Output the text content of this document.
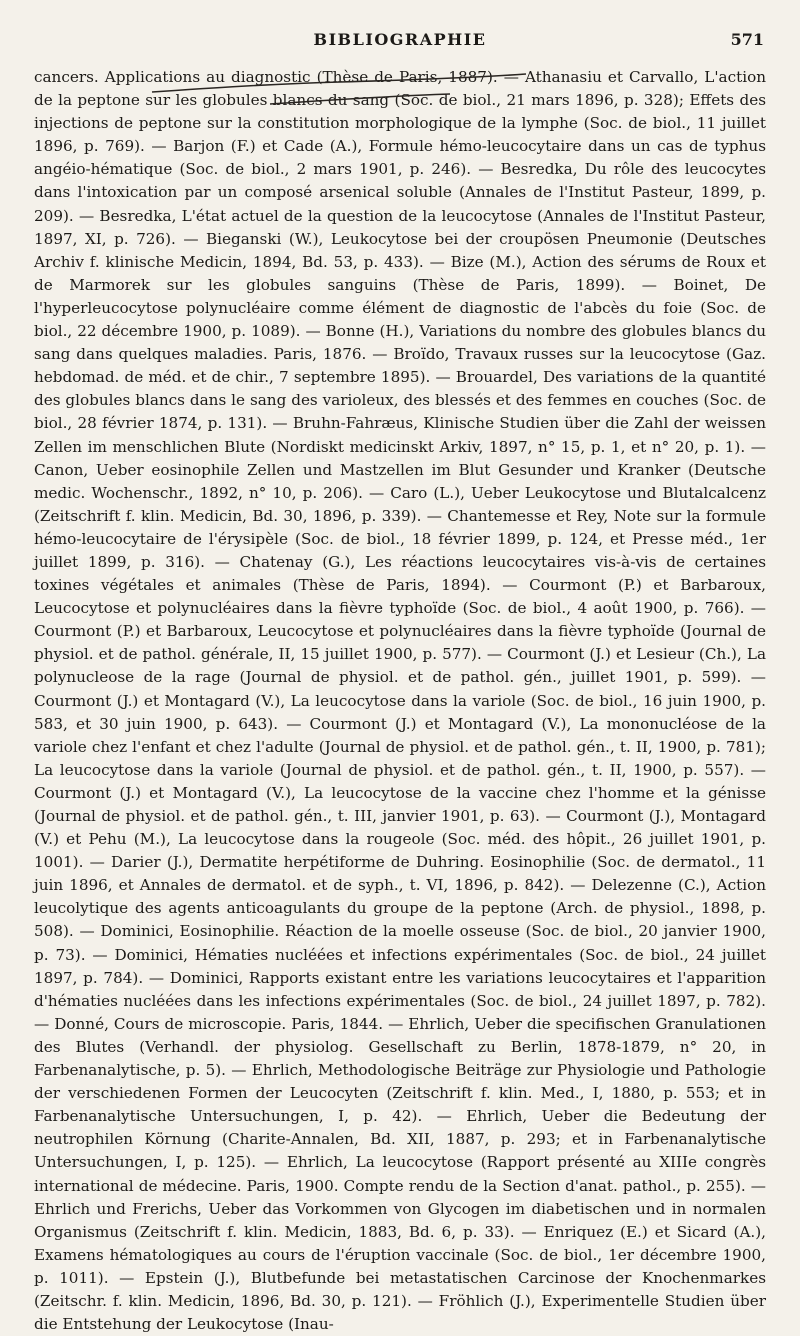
BIBLIOGRAPHIE	571

cancers. Applications au diagnostic (Thèse de Paris, 1887). — Athanasiu et Carvallo, L'action de la peptone sur les globules blancs du sang (Soc. de biol., 21 mars 1896, p. 328); Effets des injections de peptone sur la constitution morphologique de la lymphe (Soc. de biol., 11 juillet 1896, p. 769). — Barjon (F.) et Cade (A.), Formule hémo-leucocytaire dans un cas de typhus angéio-hématique (Soc. de biol., 2 mars 1901, p. 246). — Besredka, Du rôle des leucocytes dans l'intoxication par un composé arsenical soluble (Annales de l'Institut Pasteur, 1899, p. 209). — Besredka, L'état actuel de la question de la leucocytose (Annales de l'Institut Pasteur, 1897, XI, p. 726). — Bieganski (W.), Leukocytose bei der croupösen Pneumonie (Deutsches Archiv f. klinische Medicin, 1894, Bd. 53, p. 433). — Bize (M.), Action des sérums de Roux et de Marmorek sur les globules sanguins (Thèse de Paris, 1899). — Boinet, De l'hyperleucocytose polynucléaire comme élément de diagnostic de l'abcès du foie (Soc. de biol., 22 décembre 1900, p. 1089). — Bonne (H.), Variations du nombre des globules blancs du sang dans quelques maladies. Paris, 1876. — Broïdo, Travaux russes sur la leucocytose (Gaz. hebdomad. de méd. et de chir., 7 septembre 1895). — Brouardel, Des variations de la quantité des globules blancs dans le sang des varioleux, des blessés et des femmes en couches (Soc. de biol., 28 février 1874, p. 131). — Bruhn-Fahræus, Klinische Studien über die Zahl der weissen Zellen im menschlichen Blute (Nordiskt medicinskt Arkiv, 1897, n° 15, p. 1, et n° 20, p. 1). — Canon, Ueber eosinophile Zellen und Mastzellen im Blut Gesunder und Kranker (Deutsche medic. Wochenschr., 1892, n° 10, p. 206). — Caro (L.), Ueber Leukocytose und Blutalcalcenz (Zeitschrift f. klin. Medicin, Bd. 30, 1896, p. 339). — Chantemesse et Rey, Note sur la formule hémo-leucocytaire de l'érysipèle (Soc. de biol., 18 février 1899, p. 124, et Presse méd., 1er juillet 1899, p. 316). — Chatenay (G.), Les réactions leucocytaires vis-à-vis de certaines toxines végétales et animales (Thèse de Paris, 1894). — Courmont (P.) et Barbaroux, Leucocytose et polynucléaires dans la fièvre typhoïde (Soc. de biol., 4 août 1900, p. 766). — Courmont (P.) et Barbaroux, Leucocytose et polynucléaires dans la fièvre typhoïde (Journal de physiol. et de pathol. générale, II, 15 juillet 1900, p. 577). — Courmont (J.) et Lesieur (Ch.), La polynucleose de la rage (Journal de physiol. et de pathol. gén., juillet 1901, p. 599). — Courmont (J.) et Montagard (V.), La leucocytose dans la variole (Soc. de biol., 16 juin 1900, p. 583, et 30 juin 1900, p. 643). — Courmont (J.) et Montagard (V.), La mononucléose de la variole chez l'enfant et chez l'adulte (Journal de physiol. et de pathol. gén., t. II, 1900, p. 781); La leucocytose dans la variole (Journal de physiol. et de pathol. gén., t. II, 1900, p. 557). — Courmont (J.) et Montagard (V.), La leucocytose de la vaccine chez l'homme et la génisse (Journal de physiol. et de pathol. gén., t. III, janvier 1901, p. 63). — Courmont (J.), Montagard (V.) et Pehu (M.), La leucocytose dans la rougeole (Soc. méd. des hôpit., 26 juillet 1901, p. 1001). — Darier (J.), Dermatite herpétiforme de Duhring. Eosinophilie (Soc. de dermatol., 11 juin 1896, et Annales de dermatol. et de syph., t. VI, 1896, p. 842). — Delezenne (C.), Action leucolytique des agents anticoagulants du groupe de la peptone (Arch. de physiol., 1898, p. 508). — Dominici, Eosinophilie. Réaction de la moelle osseuse (Soc. de biol., 20 janvier 1900, p. 73). — Dominici, Hématies nucléées et infections expérimentales (Soc. de biol., 24 juillet 1897, p. 784). — Dominici, Rapports existant entre les variations leucocytaires et l'apparition d'hématies nucléées dans les infections expérimentales (Soc. de biol., 24 juillet 1897, p. 782). — Donné, Cours de microscopie. Paris, 1844. — Ehrlich, Ueber die specifischen Granulationen des Blutes (Verhandl. der physiolog. Gesellschaft zu Berlin, 1878-1879, n° 20, in Farbenanalytische, p. 5). — Ehrlich, Methodologische Beiträge zur Physiologie und Pathologie der verschiedenen Formen der Leucocyten (Zeitschrift f. klin. Med., I, 1880, p. 553; et in Farbenanalytische Untersuchungen, I, p. 42). — Ehrlich, Ueber die Bedeutung der neutrophilen Körnung (Charite-Annalen, Bd. XII, 1887, p. 293; et in Farbenanalytische Untersuchungen, I, p. 125). — Ehrlich, La leucocytose (Rapport présenté au XIIIe congrès international de médecine. Paris, 1900. Compte rendu de la Section d'anat. pathol., p. 255). — Ehrlich und Frerichs, Ueber das Vorkommen von Glycogen im diabetischen und in normalen Organismus (Zeitschrift f. klin. Medicin, 1883, Bd. 6, p. 33). — Enriquez (E.) et Sicard (A.), Examens hématologiques au cours de l'éruption vaccinale (Soc. de biol., 1er décembre 1900, p. 1011). — Epstein (J.), Blutbefunde bei metastatischen Carcinose der Knochenmarkes (Zeitschr. f. klin. Medicin, 1896, Bd. 30, p. 121). — Fröhlich (J.), Experimentelle Studien über die Entstehung der Leukocytose (Inau-
